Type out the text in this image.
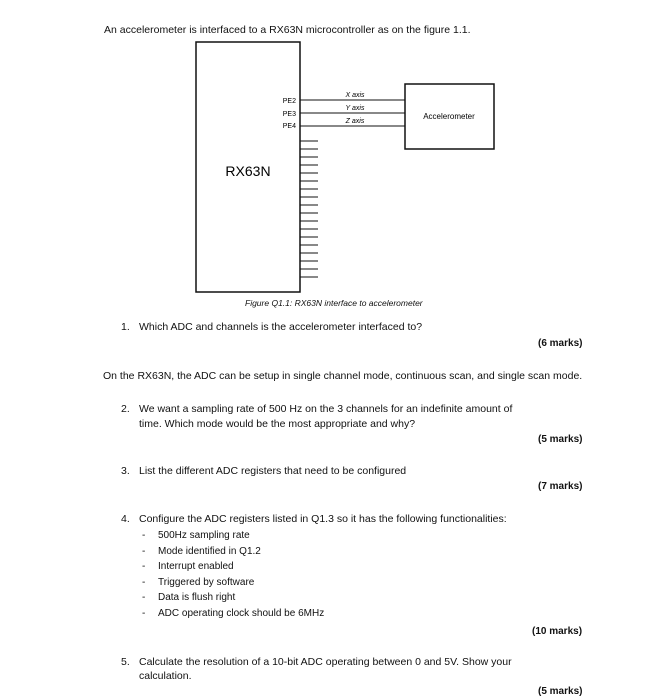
An accelerometer is interfaced to a RX63N microcontroller as on the figure 1.1.
RX63N
PE2
PE3
PE4
X axis
Y axis
Z axis
Accelerometer
Figure Q1.1: RX63N interface to accelerometer
1. Which ADC and channels is the accelerometer interfaced to?
(6 marks)
On the RX63N, the ADC can be setup in single channel mode, continuous scan, and single scan mode.
2. We want a sampling rate of 500 Hz on the 3 channels for an indefinite amount of
time. Which mode would be the most appropriate and why?
(5 marks)
3. List the different ADC registers that need to be configured
(7 marks)
4. Configure the ADC registers listed in Q1.3 so it has the following functionalities:
- 500Hz sampling rate
- Mode identified in Q1.2
- Interrupt enabled
- Triggered by software
- Data is flush right
- ADC operating clock should be 6MHz
(10 marks)
5. Calculate the resolution of a 10-bit ADC operating between 0 and 5V. Show your
calculation.
(5 marks)
